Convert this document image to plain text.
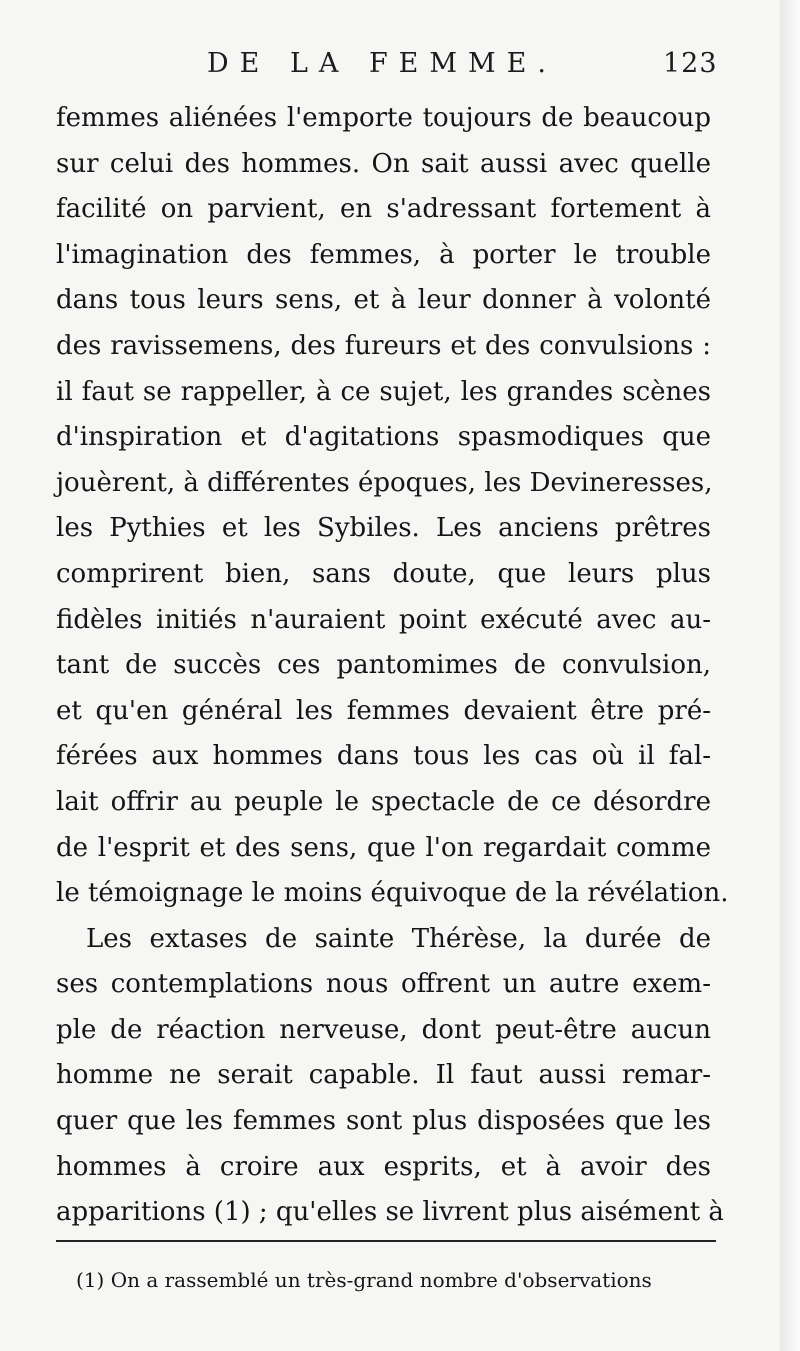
DE LA FEMME.	123
femmes aliénées l'emporte toujours de beaucoup
sur celui des hommes. On sait aussi avec quelle
facilité on parvient, en s'adressant fortement à
l'imagination des femmes, à porter le trouble
dans tous leurs sens, et à leur donner à volonté
des ravissemens, des fureurs et des convulsions :
il faut se rappeller, à ce sujet, les grandes scènes
d'inspiration et d'agitations spasmodiques que
jouèrent, à différentes époques, les Devineresses,
les Pythies et les Sybiles. Les anciens prêtres
comprirent bien, sans doute, que leurs plus
fidèles initiés n'auraient point exécuté avec au-
tant de succès ces pantomimes de convulsion,
et qu'en général les femmes devaient être pré-
férées aux hommes dans tous les cas où il fal-
lait offrir au peuple le spectacle de ce désordre
de l'esprit et des sens, que l'on regardait comme
le témoignage le moins équivoque de la révélation.
Les extases de sainte Thérèse, la durée de
ses contemplations nous offrent un autre exem-
ple de réaction nerveuse, dont peut-être aucun
homme ne serait capable. Il faut aussi remar-
quer que les femmes sont plus disposées que les
hommes à croire aux esprits, et à avoir des
apparitions (1) ; qu'elles se livrent plus aisément à
(1) On a rassemblé un très-grand nombre d'observations
